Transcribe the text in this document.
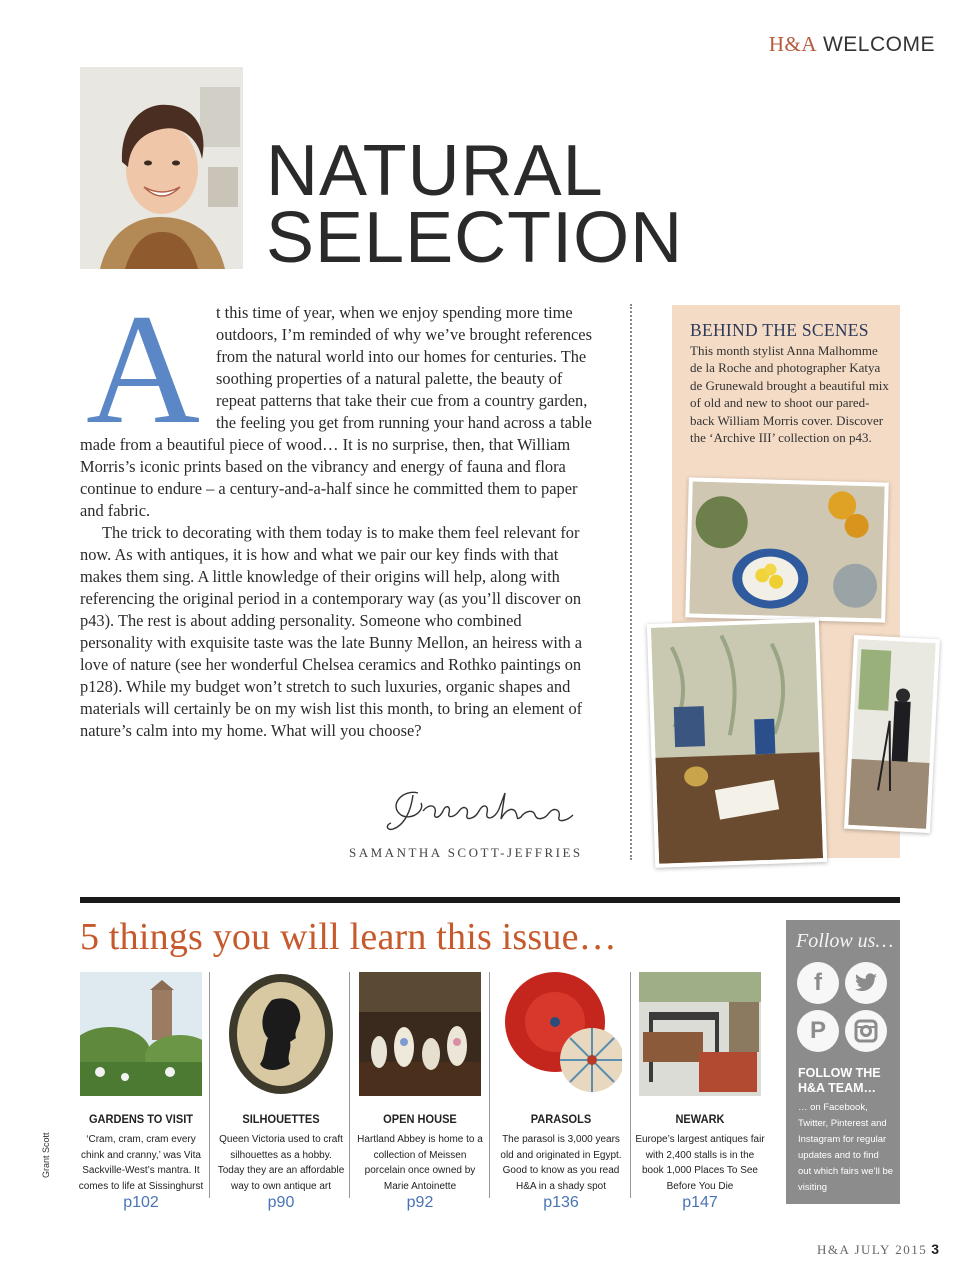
H&A WELCOME
NATURAL
SELECTION
A t this time of year, when we enjoy spending more time outdoors, I’m reminded of why we’ve brought references from the natural world into our homes for centuries. The soothing properties of a natural palette, the beauty of repeat patterns that take their cue from a country garden, the feeling you get from running your hand across a table made from a beautiful piece of wood… It is no surprise, then, that William Morris’s iconic prints based on the vibrancy and energy of fauna and flora continue to endure – a century-and-a-half since he committed them to paper and fabric.

The trick to decorating with them today is to make them feel relevant for now. As with antiques, it is how and what we pair our key finds with that makes them sing. A little knowledge of their origins will help, along with referencing the original period in a contemporary way (as you’ll discover on p43). The rest is about adding personality. Someone who combined personality with exquisite taste was the late Bunny Mellon, an heiress with a love of nature (see her wonderful Chelsea ceramics and Rothko paintings on p128). While my budget won’t stretch to such luxuries, organic shapes and materials will certainly be on my wish list this month, to bring an element of nature’s calm into my home. What will you choose?

SAMANTHA SCOTT-JEFFRIES
BEHIND THE SCENES
This month stylist Anna Malhomme de la Roche and photographer Katya de Grunewald brought a beautiful mix of old and new to shoot our pared-back William Morris cover. Discover the ‘Archive III’ collection on p43.
5 things you will learn this issue…
GARDENS TO VISIT
‘Cram, cram, cram every chink and cranny,’ was Vita Sackville-West’s mantra. It comes to life at Sissinghurst
p102
SILHOUETTES
Queen Victoria used to craft silhouettes as a hobby. Today they are an affordable way to own antique art
p90
OPEN HOUSE
Hartland Abbey is home to a collection of Meissen porcelain once owned by Marie Antoinette
p92
PARASOLS
The parasol is 3,000 years old and originated in Egypt. Good to know as you read H&A in a shady spot
p136
NEWARK
Europe’s largest antiques fair with 2,400 stalls is in the book 1,000 Places To See Before You Die
p147
Follow us…
f
P
FOLLOW THE H&A TEAM…
… on Facebook, Twitter, Pinterest and Instagram for regular updates and to find out which fairs we’ll be visiting
Grant Scott
H&A JULY 2015 3
